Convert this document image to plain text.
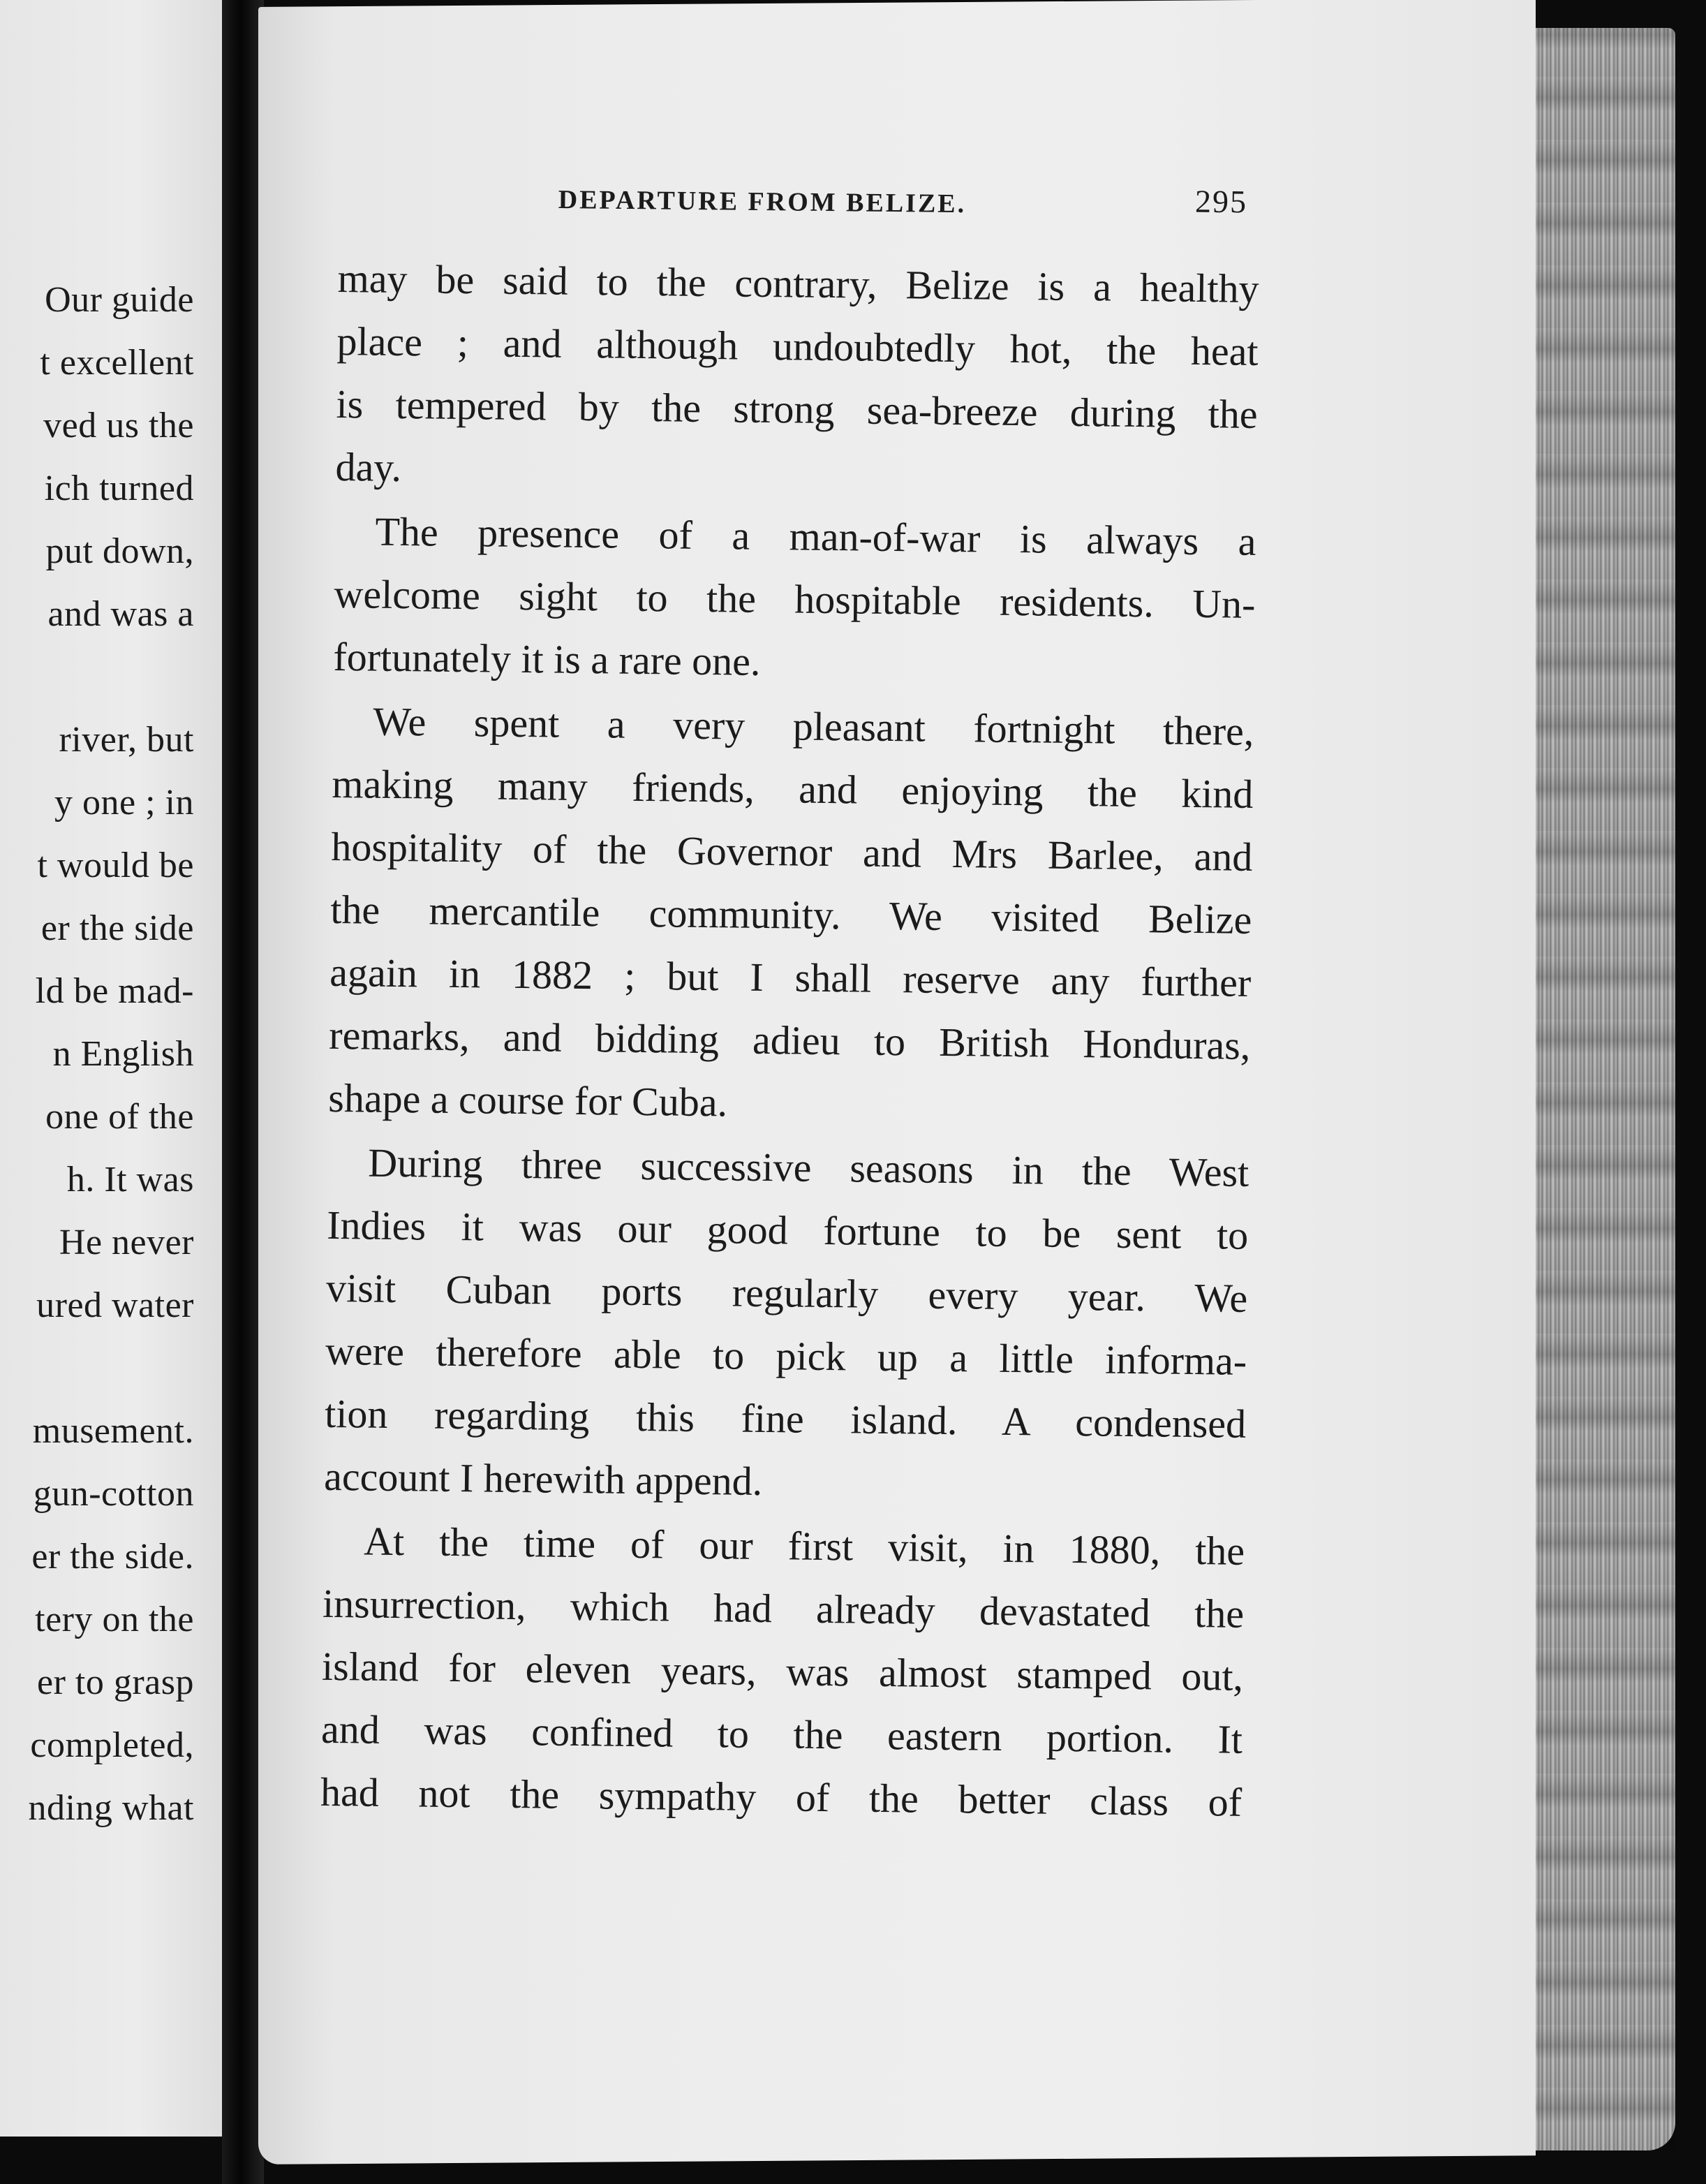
Our guide
t excellent
ved us the
ich turned
put down,
and was a
river, but
y one ; in
t would be
er the side
ld be mad-
n English
one of the
h. It was
He never
ured water
musement.
gun-cotton
er the side.
tery on the
er to grasp
completed,
nding what
DEPARTURE FROM BELIZE.	295
may be said to the contrary, Belize is a healthy
place ; and although undoubtedly hot, the heat
is tempered by the strong sea-breeze during the
day.
The presence of a man-of-war is always a
welcome sight to the hospitable residents. Un-
fortunately it is a rare one.
We spent a very pleasant fortnight there,
making many friends, and enjoying the kind
hospitality of the Governor and Mrs Barlee, and
the mercantile community. We visited Belize
again in 1882 ; but I shall reserve any further
remarks, and bidding adieu to British Honduras,
shape a course for Cuba.
During three successive seasons in the West
Indies it was our good fortune to be sent to
visit Cuban ports regularly every year. We
were therefore able to pick up a little informa-
tion regarding this fine island. A condensed
account I herewith append.
At the time of our first visit, in 1880, the
insurrection, which had already devastated the
island for eleven years, was almost stamped out,
and was confined to the eastern portion. It
had not the sympathy of the better class of
